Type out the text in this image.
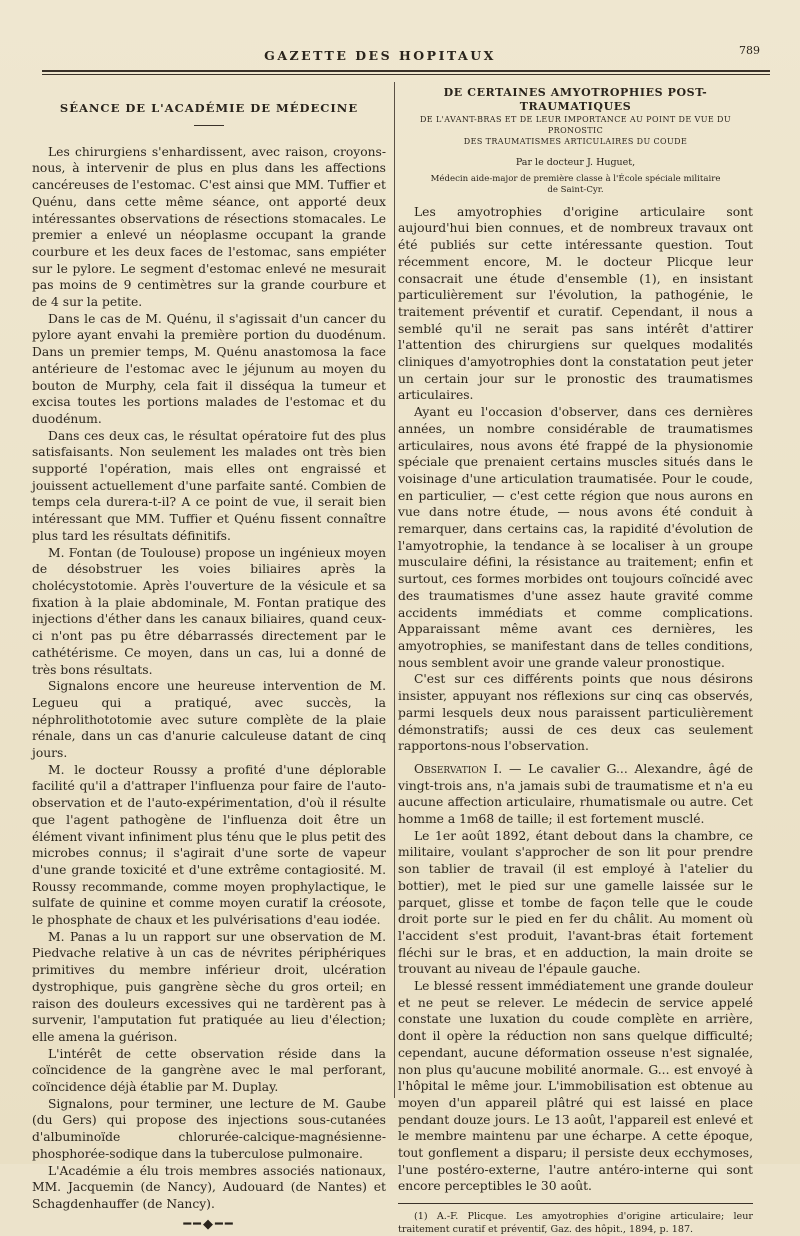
GAZETTE DES HOPITAUX	789
SÉANCE DE L'ACADÉMIE DE MÉDECINE

Les chirurgiens s'enhardissent, avec raison, croyons-nous, à intervenir de plus en plus dans les affections cancéreuses de l'estomac. C'est ainsi que MM. Tuffier et Quénu, dans cette même séance, ont apporté deux intéressantes observations de résections stomacales. Le premier a enlevé un néoplasme occupant la grande courbure et les deux faces de l'estomac, sans empiéter sur le pylore. Le segment d'estomac enlevé ne mesurait pas moins de 9 centimètres sur la grande courbure et de 4 sur la petite.

Dans le cas de M. Quénu, il s'agissait d'un cancer du pylore ayant envahi la première portion du duodénum. Dans un premier temps, M. Quénu anastomosa la face antérieure de l'estomac avec le jéjunum au moyen du bouton de Murphy, cela fait il disséqua la tumeur et excisa toutes les portions malades de l'estomac et du duodénum.

Dans ces deux cas, le résultat opératoire fut des plus satisfaisants. Non seulement les malades ont très bien supporté l'opération, mais elles ont engraissé et jouissent actuellement d'une parfaite santé. Combien de temps cela durera-t-il? A ce point de vue, il serait bien intéressant que MM. Tuffier et Quénu fissent connaître plus tard les résultats définitifs.

M. Fontan (de Toulouse) propose un ingénieux moyen de désobstruer les voies biliaires après la cholécystotomie. Après l'ouverture de la vésicule et sa fixation à la plaie abdominale, M. Fontan pratique des injections d'éther dans les canaux biliaires, quand ceux-ci n'ont pas pu être débarrassés directement par le cathétérisme. Ce moyen, dans un cas, lui a donné de très bons résultats.

Signalons encore une heureuse intervention de M. Legueu qui a pratiqué, avec succès, la néphrolithototomie avec suture complète de la plaie rénale, dans un cas d'anurie calculeuse datant de cinq jours.

M. le docteur Roussy a profité d'une déplorable facilité qu'il a d'attraper l'influenza pour faire de l'auto-observation et de l'auto-expérimentation, d'où il résulte que l'agent pathogène de l'influenza doit être un élément vivant infiniment plus ténu que le plus petit des microbes connus; il s'agirait d'une sorte de vapeur d'une grande toxicité et d'une extrême contagiosité. M. Roussy recommande, comme moyen prophylactique, le sulfate de quinine et comme moyen curatif la créosote, le phosphate de chaux et les pulvérisations d'eau iodée.

M. Panas a lu un rapport sur une observation de M. Piedvache relative à un cas de névrites périphériques primitives du membre inférieur droit, ulcération dystrophique, puis gangrène sèche du gros orteil; en raison des douleurs excessives qui ne tardèrent pas à survenir, l'amputation fut pratiquée au lieu d'élection; elle amena la guérison.

L'intérêt de cette observation réside dans la coïncidence de la gangrène avec le mal perforant, coïncidence déjà établie par M. Duplay.

Signalons, pour terminer, une lecture de M. Gaube (du Gers) qui propose des injections sous-cutanées d'albuminoïde chlorurée-calcique-magnésienne-phosphorée-sodique dans la tuberculose pulmonaire.

L'Académie a élu trois membres associés nationaux, MM. Jacquemin (de Nancy), Audouard (de Nantes) et Schagdenhauffer (de Nancy).

━━◆━━
DE CERTAINES AMYOTROPHIES POST-TRAUMATIQUES
DE L'AVANT-BRAS ET DE LEUR IMPORTANCE AU POINT DE VUE DU PRONOSTIC
DES TRAUMATISMES ARTICULAIRES DU COUDE
Par le docteur J. Huguet,
Médecin aide-major de première classe à l'École spéciale militaire
de Saint-Cyr.

Les amyotrophies d'origine articulaire sont aujourd'hui bien connues, et de nombreux travaux ont été publiés sur cette intéressante question. Tout récemment encore, M. le docteur Plicque leur consacrait une étude d'ensemble (1), en insistant particulièrement sur l'évolution, la pathogénie, le traitement préventif et curatif. Cependant, il nous a semblé qu'il ne serait pas sans intérêt d'attirer l'attention des chirurgiens sur quelques modalités cliniques d'amyotrophies dont la constatation peut jeter un certain jour sur le pronostic des traumatismes articulaires.

Ayant eu l'occasion d'observer, dans ces dernières années, un nombre considérable de traumatismes articulaires, nous avons été frappé de la physionomie spéciale que prenaient certains muscles situés dans le voisinage d'une articulation traumatisée. Pour le coude, en particulier, — c'est cette région que nous aurons en vue dans notre étude, — nous avons été conduit à remarquer, dans certains cas, la rapidité d'évolution de l'amyotrophie, la tendance à se localiser à un groupe musculaire défini, la résistance au traitement; enfin et surtout, ces formes morbides ont toujours coïncidé avec des traumatismes d'une assez haute gravité comme accidents immédiats et comme complications. Apparaissant même avant ces dernières, les amyotrophies, se manifestant dans de telles conditions, nous semblent avoir une grande valeur pronostique.

C'est sur ces différents points que nous désirons insister, appuyant nos réflexions sur cinq cas observés, parmi lesquels deux nous paraissent particulièrement démonstratifs; aussi de ces deux cas seulement rapportons-nous l'observation.

Observation I. — Le cavalier G... Alexandre, âgé de vingt-trois ans, n'a jamais subi de traumatisme et n'a eu aucune affection articulaire, rhumatismale ou autre. Cet homme a 1m68 de taille; il est fortement musclé.

Le 1er août 1892, étant debout dans la chambre, ce militaire, voulant s'approcher de son lit pour prendre son tablier de travail (il est employé à l'atelier du bottier), met le pied sur une gamelle laissée sur le parquet, glisse et tombe de façon telle que le coude droit porte sur le pied en fer du châlit. Au moment où l'accident s'est produit, l'avant-bras était fortement fléchi sur le bras, et en adduction, la main droite se trouvant au niveau de l'épaule gauche.

Le blessé ressent immédiatement une grande douleur et ne peut se relever. Le médecin de service appelé constate une luxation du coude complète en arrière, dont il opère la réduction non sans quelque difficulté; cependant, aucune déformation osseuse n'est signalée, non plus qu'aucune mobilité anormale. G... est envoyé à l'hôpital le même jour. L'immobilisation est obtenue au moyen d'un appareil plâtré qui est laissé en place pendant douze jours. Le 13 août, l'appareil est enlevé et le membre maintenu par une écharpe. A cette époque, tout gonflement a disparu; il persiste deux ecchymoses, l'une postéro-externe, l'autre antéro-interne qui sont encore perceptibles le 30 août.

(1) A.-F. Plicque. Les amyotrophies d'origine articulaire; leur traitement curatif et préventif, Gaz. des hôpit., 1894, p. 187.
